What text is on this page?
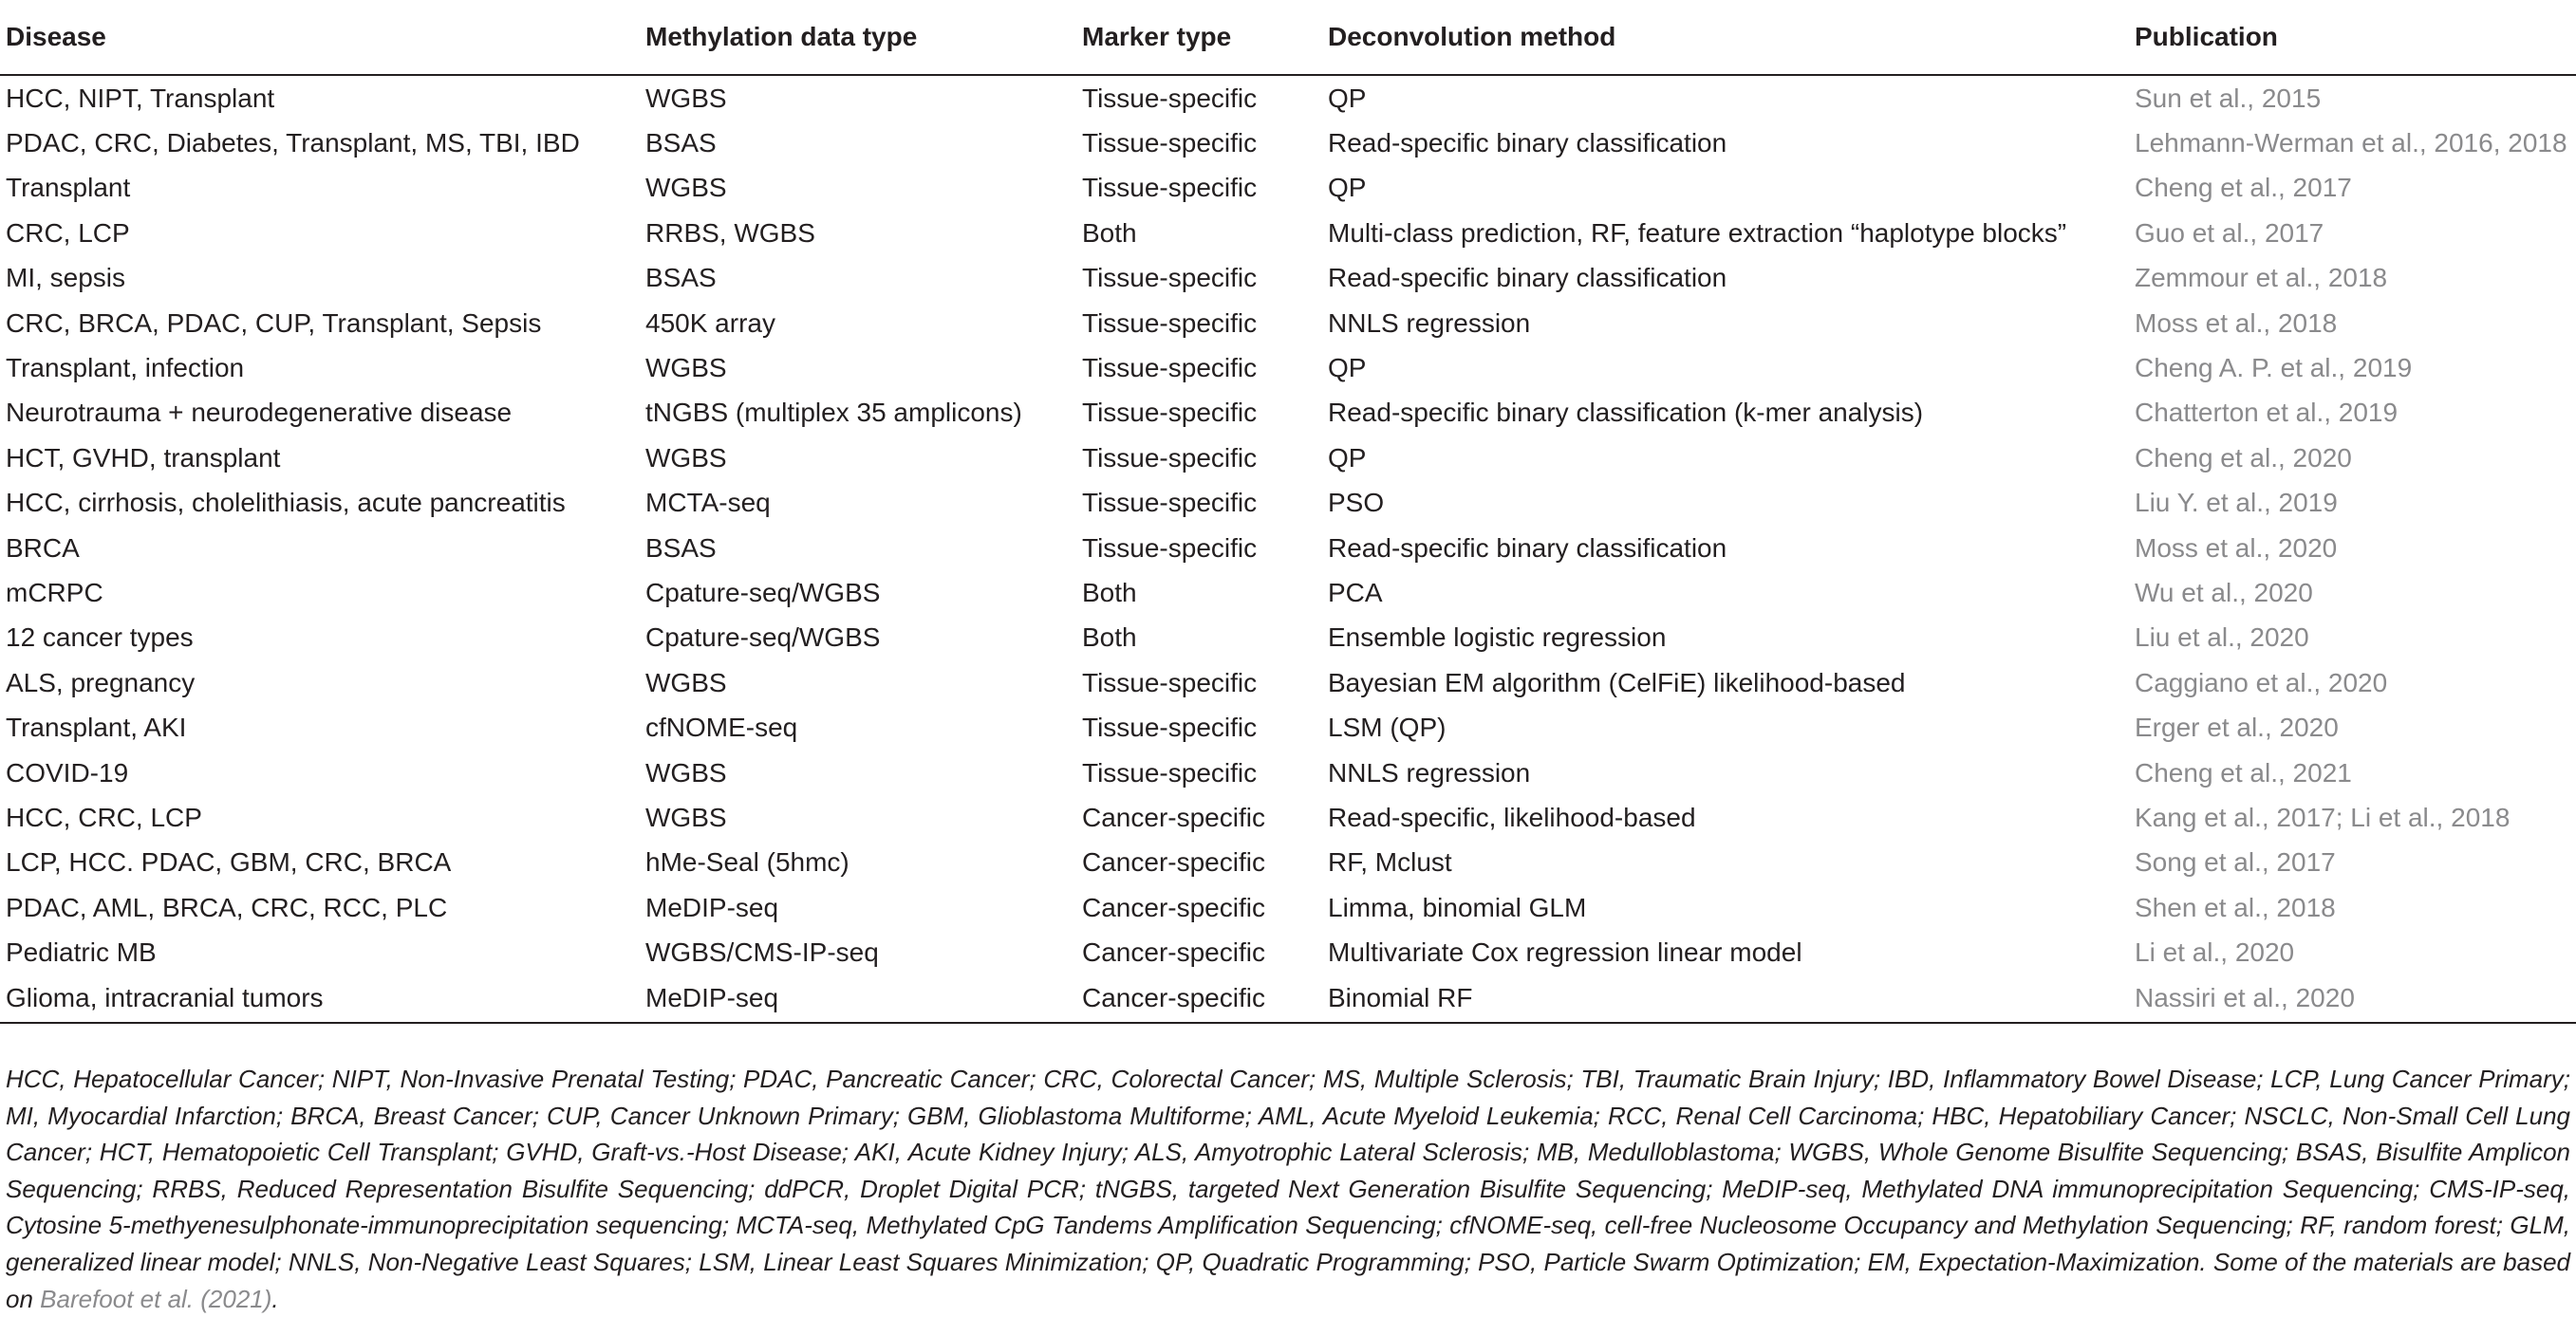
Disease	Methylation data type	Marker type	Deconvolution method	Publication
HCC, NIPT, Transplant	WGBS	Tissue-specific	QP	Sun et al., 2015
PDAC, CRC, Diabetes, Transplant, MS, TBI, IBD	BSAS	Tissue-specific	Read-specific binary classification	Lehmann-Werman et al., 2016, 2018
Transplant	WGBS	Tissue-specific	QP	Cheng et al., 2017
CRC, LCP	RRBS, WGBS	Both	Multi-class prediction, RF, feature extraction “haplotype blocks”	Guo et al., 2017
MI, sepsis	BSAS	Tissue-specific	Read-specific binary classification	Zemmour et al., 2018
CRC, BRCA, PDAC, CUP, Transplant, Sepsis	450K array	Tissue-specific	NNLS regression	Moss et al., 2018
Transplant, infection	WGBS	Tissue-specific	QP	Cheng A. P. et al., 2019
Neurotrauma + neurodegenerative disease	tNGBS (multiplex 35 amplicons)	Tissue-specific	Read-specific binary classification (k-mer analysis)	Chatterton et al., 2019
HCT, GVHD, transplant	WGBS	Tissue-specific	QP	Cheng et al., 2020
HCC, cirrhosis, cholelithiasis, acute pancreatitis	MCTA-seq	Tissue-specific	PSO	Liu Y. et al., 2019
BRCA	BSAS	Tissue-specific	Read-specific binary classification	Moss et al., 2020
mCRPC	Cpature-seq/WGBS	Both	PCA	Wu et al., 2020
12 cancer types	Cpature-seq/WGBS	Both	Ensemble logistic regression	Liu et al., 2020
ALS, pregnancy	WGBS	Tissue-specific	Bayesian EM algorithm (CelFiE) likelihood-based	Caggiano et al., 2020
Transplant, AKI	cfNOME-seq	Tissue-specific	LSM (QP)	Erger et al., 2020
COVID-19	WGBS	Tissue-specific	NNLS regression	Cheng et al., 2021
HCC, CRC, LCP	WGBS	Cancer-specific	Read-specific, likelihood-based	Kang et al., 2017; Li et al., 2018
LCP, HCC. PDAC, GBM, CRC, BRCA	hMe-Seal (5hmc)	Cancer-specific	RF, Mclust	Song et al., 2017
PDAC, AML, BRCA, CRC, RCC, PLC	MeDIP-seq	Cancer-specific	Limma, binomial GLM	Shen et al., 2018
Pediatric MB	WGBS/CMS-IP-seq	Cancer-specific	Multivariate Cox regression linear model	Li et al., 2020
Glioma, intracranial tumors	MeDIP-seq	Cancer-specific	Binomial RF	Nassiri et al., 2020

HCC, Hepatocellular Cancer; NIPT, Non-Invasive Prenatal Testing; PDAC, Pancreatic Cancer; CRC, Colorectal Cancer; MS, Multiple Sclerosis; TBI, Traumatic Brain Injury; IBD, Inflammatory Bowel Disease; LCP, Lung Cancer Primary; MI, Myocardial Infarction; BRCA, Breast Cancer; CUP, Cancer Unknown Primary; GBM, Glioblastoma Multiforme; AML, Acute Myeloid Leukemia; RCC, Renal Cell Carcinoma; HBC, Hepatobiliary Cancer; NSCLC, Non-Small Cell Lung Cancer; HCT, Hematopoietic Cell Transplant; GVHD, Graft-vs.-Host Disease; AKI, Acute Kidney Injury; ALS, Amyotrophic Lateral Sclerosis; MB, Medulloblastoma; WGBS, Whole Genome Bisulfite Sequencing; BSAS, Bisulfite Amplicon Sequencing; RRBS, Reduced Representation Bisulfite Sequencing; ddPCR, Droplet Digital PCR; tNGBS, targeted Next Generation Bisulfite Sequencing; MeDIP-seq, Methylated DNA immunoprecipitation Sequencing; CMS-IP-seq, Cytosine 5-methyenesulphonate-immunoprecipitation sequencing; MCTA-seq, Methylated CpG Tandems Amplification Sequencing; cfNOME-seq, cell-free Nucleosome Occupancy and Methylation Sequencing; RF, random forest; GLM, generalized linear model; NNLS, Non-Negative Least Squares; LSM, Linear Least Squares Minimization; QP, Quadratic Programming; PSO, Particle Swarm Optimization; EM, Expectation-Maximization. Some of the materials are based on Barefoot et al. (2021).
